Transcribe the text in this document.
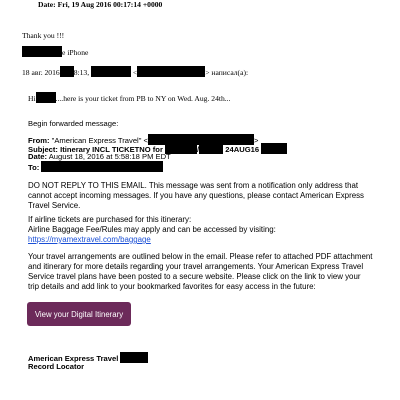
Date: Fri, 19 Aug 2016 00:17:14 +0000
Thank you !!!
e iPhone
18 авг. 2016 8:13,	<	> написал(а):
Hi	....here is your ticket from PB to NY on Wed. Aug. 24th...
Begin forwarded message:
From: "American Express Travel" <	>
Subject: Itinerary INCL TICKETNO for	/	24AUG16
Date: August 18, 2016 at 5:58:18 PM EDT
To:
DO NOT REPLY TO THIS EMAIL. This message was sent from a notification only address that cannot accept incoming messages. If you have any questions, please contact American Express Travel Service.
If airline tickets are purchased for this itinerary:
Airline Baggage Fee/Rules may apply and can be accessed by visiting:
https://myamextravel.com/baggage
Your travel arrangements are outlined below in the email. Please refer to attached PDF attachment and itinerary for more details regarding your travel arrangements. Your American Express Travel Service travel plans have been posted to a secure website. Please click on the link to view your trip details and add link to your bookmarked favorites for easy access in the future:
View your Digital Itinerary
American Express Travel
Record Locator
